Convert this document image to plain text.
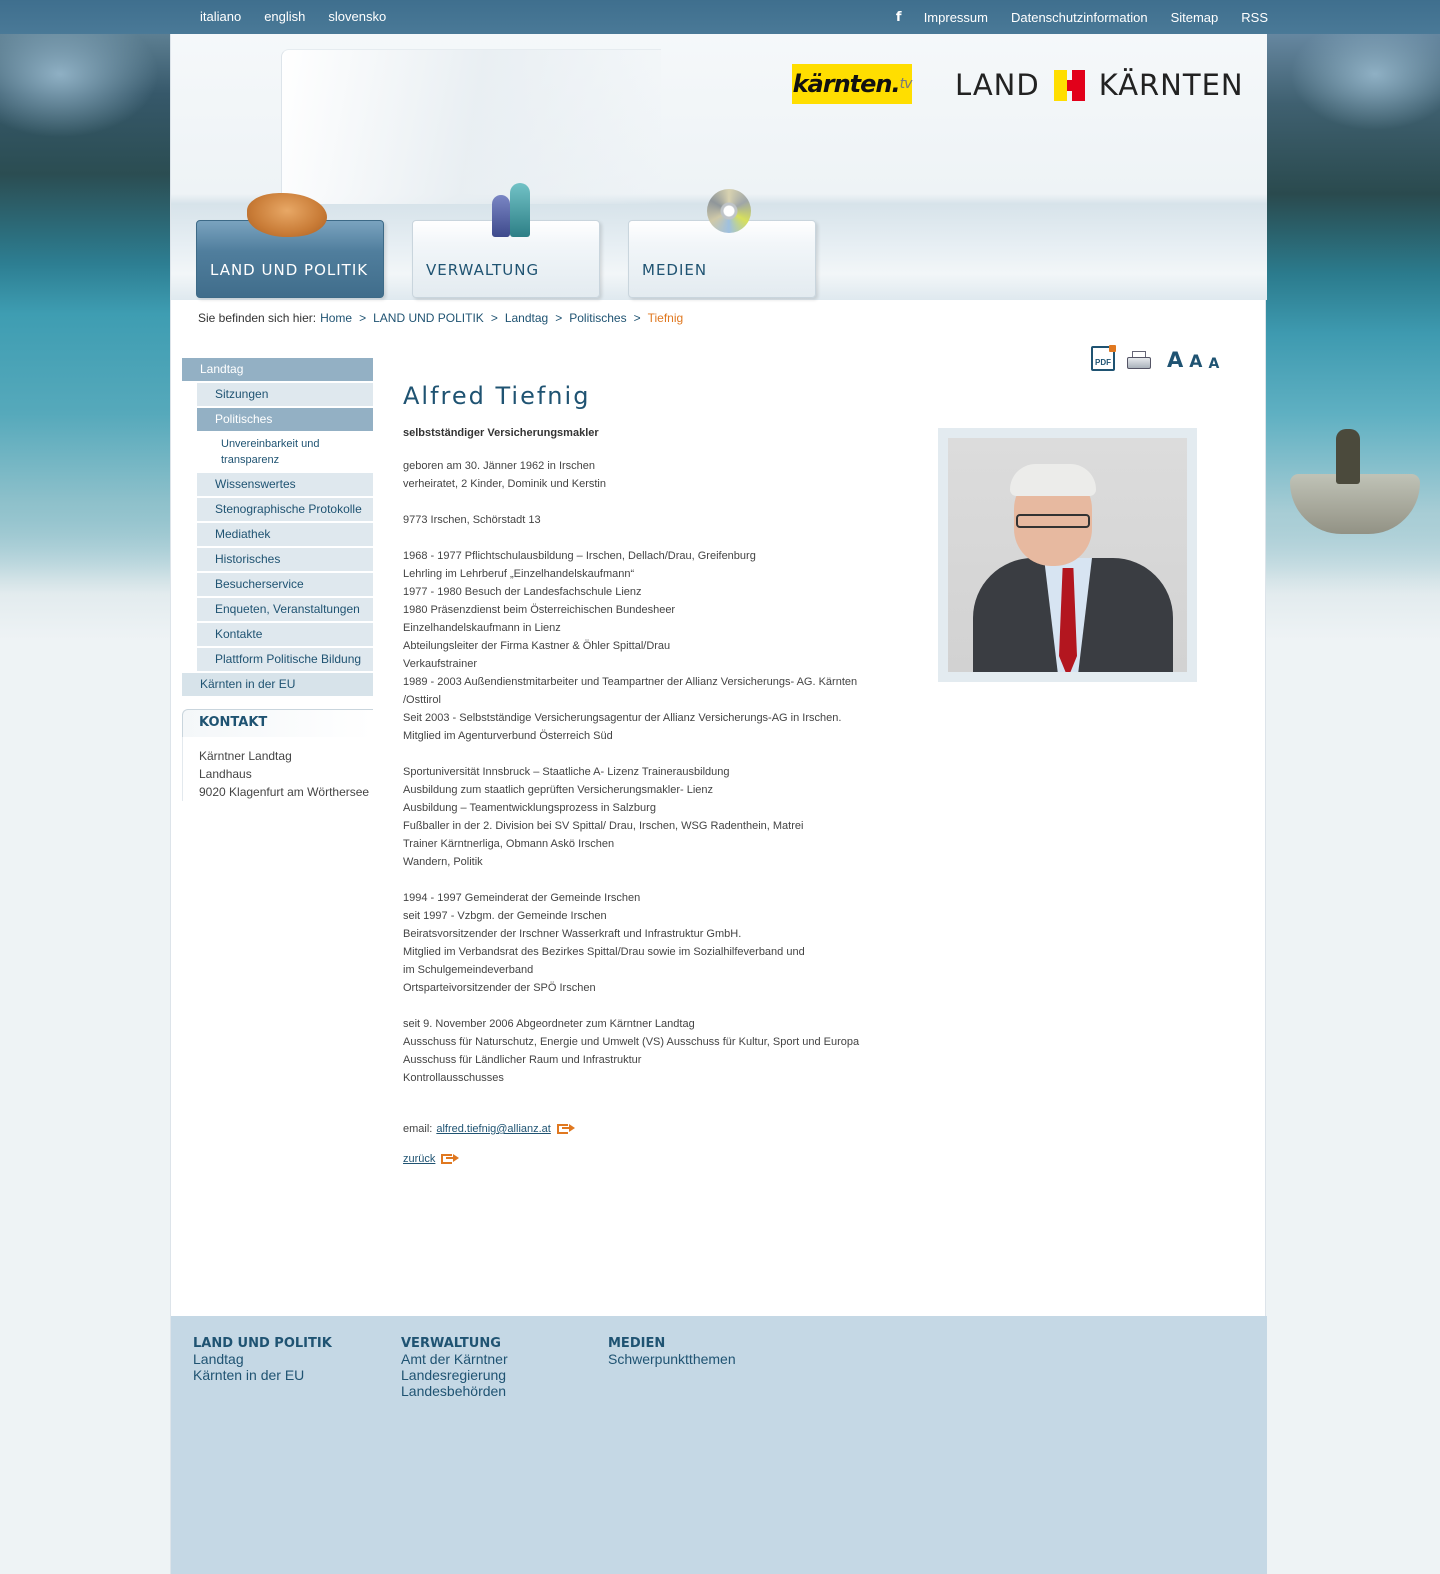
italiano english slovensko	f	Impressum Datenschutzinformation Sitemap RSS
kärnten. tv LAND KÄRNTEN
LAND UND POLITIK	VERWALTUNG	MEDIEN
Sie befinden sich hier: Home > LAND UND POLITIK > Landtag > Politisches > Tiefnig
Landtag
Sitzungen
Politisches
Unvereinbarkeit und transparenz
Wissenswertes
Stenographische Protokolle
Mediathek
Historisches
Besucherservice
Enqueten, Veranstaltungen
Kontakte
Plattform Politische Bildung
Kärnten in der EU
KONTAKT

Kärntner Landtag

Landhaus

9020 Klagenfurt am Wörthersee

PDF	A A A
Alfred Tiefnig
selbstständiger Versicherungsmakler

geboren am 30. Jänner 1962 in Irschen

verheiratet, 2 Kinder, Dominik und Kerstin

9773 Irschen, Schörstadt 13

1968 - 1977 Pflichtschulausbildung – Irschen, Dellach/Drau, Greifenburg

Lehrling im Lehrberuf „Einzelhandelskaufmann“

1977 - 1980 Besuch der Landesfachschule Lienz

1980 Präsenzdienst beim Österreichischen Bundesheer

Einzelhandelskaufmann in Lienz

Abteilungsleiter der Firma Kastner & Öhler Spittal/Drau

Verkaufstrainer

1989 - 2003 Außendienstmitarbeiter und Teampartner der Allianz Versicherungs- AG. Kärnten

/Osttirol

Seit 2003 - Selbstständige Versicherungsagentur der Allianz Versicherungs-AG in Irschen.

Mitglied im Agenturverbund Österreich Süd

Sportuniversität Innsbruck – Staatliche A- Lizenz Trainerausbildung

Ausbildung zum staatlich geprüften Versicherungsmakler- Lienz

Ausbildung – Teamentwicklungsprozess in Salzburg

Fußballer in der 2. Division bei SV Spittal/ Drau, Irschen, WSG Radenthein, Matrei

Trainer Kärntnerliga, Obmann Askö Irschen

Wandern, Politik

1994 - 1997 Gemeinderat der Gemeinde Irschen

seit 1997 - Vzbgm. der Gemeinde Irschen

Beiratsvorsitzender der Irschner Wasserkraft und Infrastruktur GmbH.

Mitglied im Verbandsrat des Bezirkes Spittal/Drau sowie im Sozialhilfeverband und

im Schulgemeindeverband

Ortsparteivorsitzender der SPÖ Irschen

seit 9. November 2006 Abgeordneter zum Kärntner Landtag

Ausschuss für Naturschutz, Energie und Umwelt (VS) Ausschuss für Kultur, Sport und Europa

Ausschuss für Ländlicher Raum und Infrastruktur

Kontrollausschusses

email: alfred.tiefnig@allianz.at
zurück
LAND UND POLITIK
Landtag
Kärnten in der EU
VERWALTUNG
Amt der Kärntner
Landesregierung
Landesbehörden
MEDIEN
Schwerpunktthemen
